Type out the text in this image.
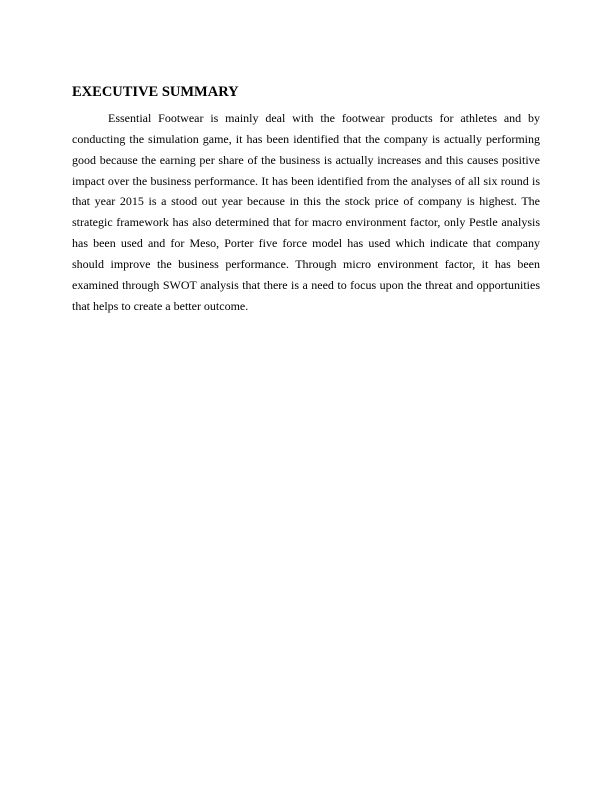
EXECUTIVE SUMMARY
Essential Footwear is mainly deal with the footwear products for athletes and by
conducting the simulation game, it has been identified that the company is actually performing
good because the earning per share of the business is actually increases and this causes positive
impact over the business performance. It has been identified from the analyses of all six round is
that year 2015 is a stood out year because in this the stock price of company is highest. The
strategic framework has also determined that for macro environment factor, only Pestle analysis
has been used and for Meso, Porter five force model has used which indicate that company
should improve the business performance. Through micro environment factor, it has been
examined through SWOT analysis that there is a need to focus upon the threat and opportunities
that helps to create a better outcome.
